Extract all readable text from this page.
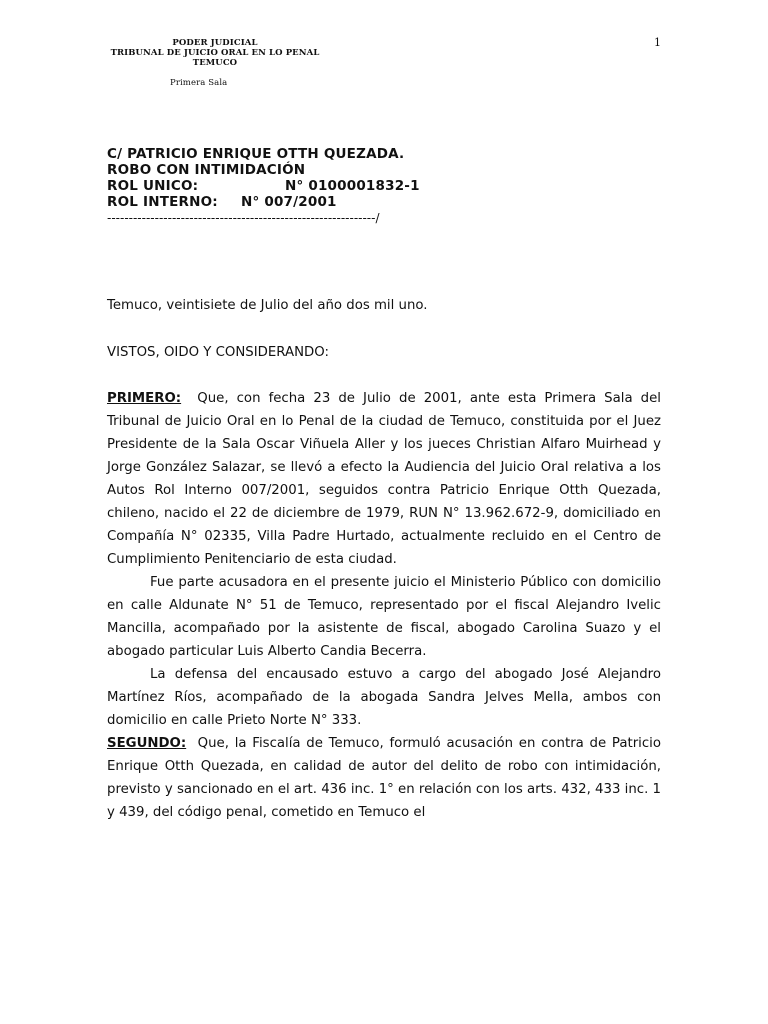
PODER JUDICIAL
TRIBUNAL DE JUICIO ORAL EN LO PENAL
TEMUCO
Primera Sala
1
C/ PATRICIO ENRIQUE OTTH QUEZADA.
ROBO CON INTIMIDACIÓN
ROL UNICO:	N° 0100001832-1
ROL INTERNO: N° 007/2001
--------------------------------------------------------------/
Temuco, veintisiete de Julio del año dos mil uno.
VISTOS, OIDO Y CONSIDERANDO:

PRIMERO: Que, con fecha 23 de Julio de 2001, ante esta Primera Sala del Tribunal de Juicio Oral en lo Penal de la ciudad de Temuco, constituida por el Juez Presidente de la Sala Oscar Viñuela Aller y los jueces Christian Alfaro Muirhead y Jorge González Salazar, se llevó a efecto la Audiencia del Juicio Oral relativa a los Autos Rol Interno 007/2001, seguidos contra Patricio Enrique Otth Quezada, chileno, nacido el 22 de diciembre de 1979, RUN N° 13.962.672-9, domiciliado en Compañía N° 02335, Villa Padre Hurtado, actualmente recluido en el Centro de Cumplimiento Penitenciario de esta ciudad.

Fue parte acusadora en el presente juicio el Ministerio Público con domicilio en calle Aldunate N° 51 de Temuco, representado por el fiscal Alejandro Ivelic Mancilla, acompañado por la asistente de fiscal, abogado Carolina Suazo y el abogado particular Luis Alberto Candia Becerra.

La defensa del encausado estuvo a cargo del abogado José Alejandro Martínez Ríos, acompañado de la abogada Sandra Jelves Mella, ambos con domicilio en calle Prieto Norte N° 333.

SEGUNDO: Que, la Fiscalía de Temuco, formuló acusación en contra de Patricio Enrique Otth Quezada, en calidad de autor del delito de robo con intimidación, previsto y sancionado en el art. 436 inc. 1° en relación con los arts. 432, 433 inc. 1 y 439, del código penal, cometido en Temuco el
